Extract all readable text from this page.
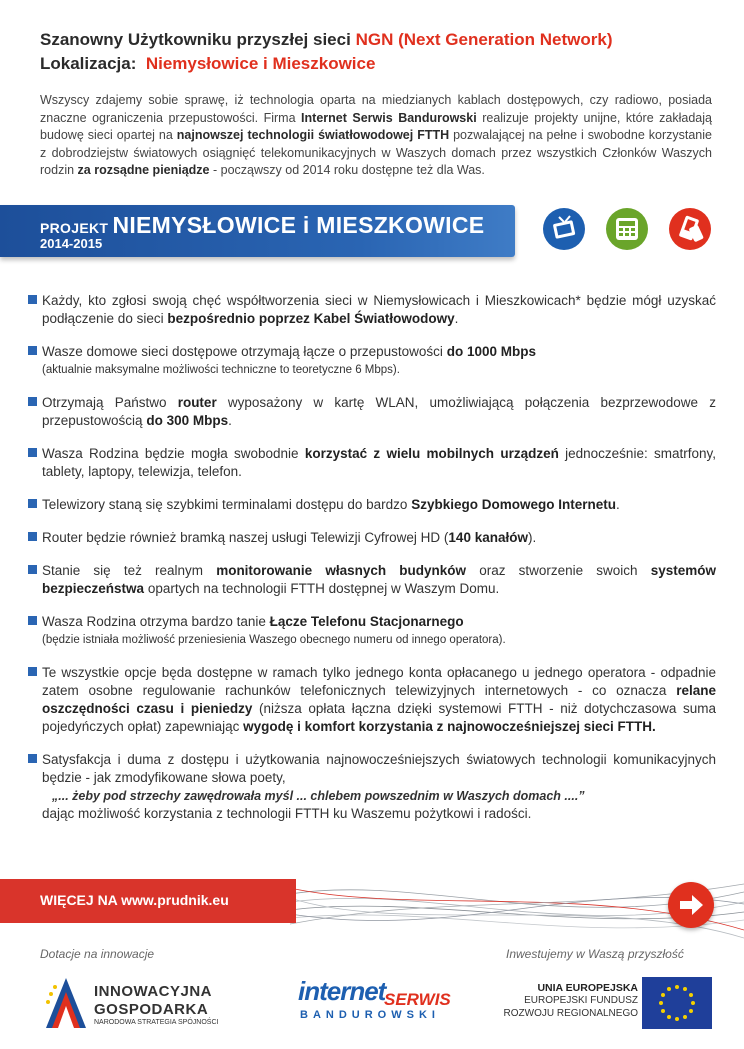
Szanowny Użytkowniku przyszłej sieci NGN (Next Generation Network)
Lokalizacja: Niemysłowice i Mieszkowice
Wszyscy zdajemy sobie sprawę, iż technologia oparta na miedzianych kablach dostępowych, czy radiowo, posiada znaczne ograniczenia przepustowości. Firma Internet Serwis Bandurowski realizuje projekty unijne, które zakładają budowę sieci opartej na najnowszej technologii światłowodowej FTTH pozwalającej na pełne i swobodne korzystanie z dobrodziejstw światowych osiągnięć telekomunikacyjnych w Waszych domach przez wszystkich Członków Waszych rodzin za rozsądne pieniądze - począwszy od 2014 roku dostępne też dla Was.
PROJEKT NIEMYSŁOWICE i MIESZKOWICE
2014-2015
Każdy, kto zgłosi swoją chęć współtworzenia sieci w Niemysłowicach i Mieszkowicach* będzie mógł uzyskać podłączenie do sieci bezpośrednio poprzez Kabel Światłowodowy.
Wasze domowe sieci dostępowe otrzymają łącze o przepustowości do 1000 Mbps
(aktualnie maksymalne możliwości techniczne to teoretyczne 6 Mbps).
Otrzymają Państwo router wyposażony w kartę WLAN, umożliwiającą połączenia bezprzewodowe z przepustowością do 300 Mbps.
Wasza Rodzina będzie mogła swobodnie korzystać z wielu mobilnych urządzeń jednocześnie: smatrfony, tablety, laptopy, telewizja, telefon.
Telewizory staną się szybkimi terminalami dostępu do bardzo Szybkiego Domowego Internetu.
Router będzie również bramką naszej usługi Telewizji Cyfrowej HD (140 kanałów).
Stanie się też realnym monitorowanie własnych budynków oraz stworzenie swoich systemów bezpieczeństwa opartych na technologii FTTH dostępnej w Waszym Domu.
Wasza Rodzina otrzyma bardzo tanie Łącze Telefonu Stacjonarnego
(będzie istniała możliwość przeniesienia Waszego obecnego numeru od innego operatora).
Te wszystkie opcje będa dostępne w ramach tylko jednego konta opłacanego u jednego operatora - odpadnie zatem osobne regulowanie rachunków telefonicznych telewizyjnych internetowych - co oznacza relane oszczędności czasu i pieniedzy (niższa opłata łączna dzięki systemowi FTTH - niż dotychczasowa suma pojedyńczych opłat) zapewniając wygodę i komfort korzystania z najnowocześniejszej sieci FTTH.
Satysfakcja i duma z dostępu i użytkowania najnowocześniejszych światowych technologii komunikacyjnych będzie - jak zmodyfikowane słowa poety,
„... żeby pod strzechy zawędrowała myśl ... chlebem powszednim w Waszych domach ....”
dając możliwość korzystania z technologii FTTH ku Waszemu pożytkowi i radości.
WIĘCEJ NA www.prudnik.eu
Dotacje na innowacje	Inwestujemy w Waszą przyszłość
INNOWACYJNA
GOSPODARKA
NARODOWA STRATEGIA SPÓJNOŚCI
internet
SERWIS
BANDUROWSKI
UNIA EUROPEJSKA
EUROPEJSKI FUNDUSZ
ROZWOJU REGIONALNEGO
